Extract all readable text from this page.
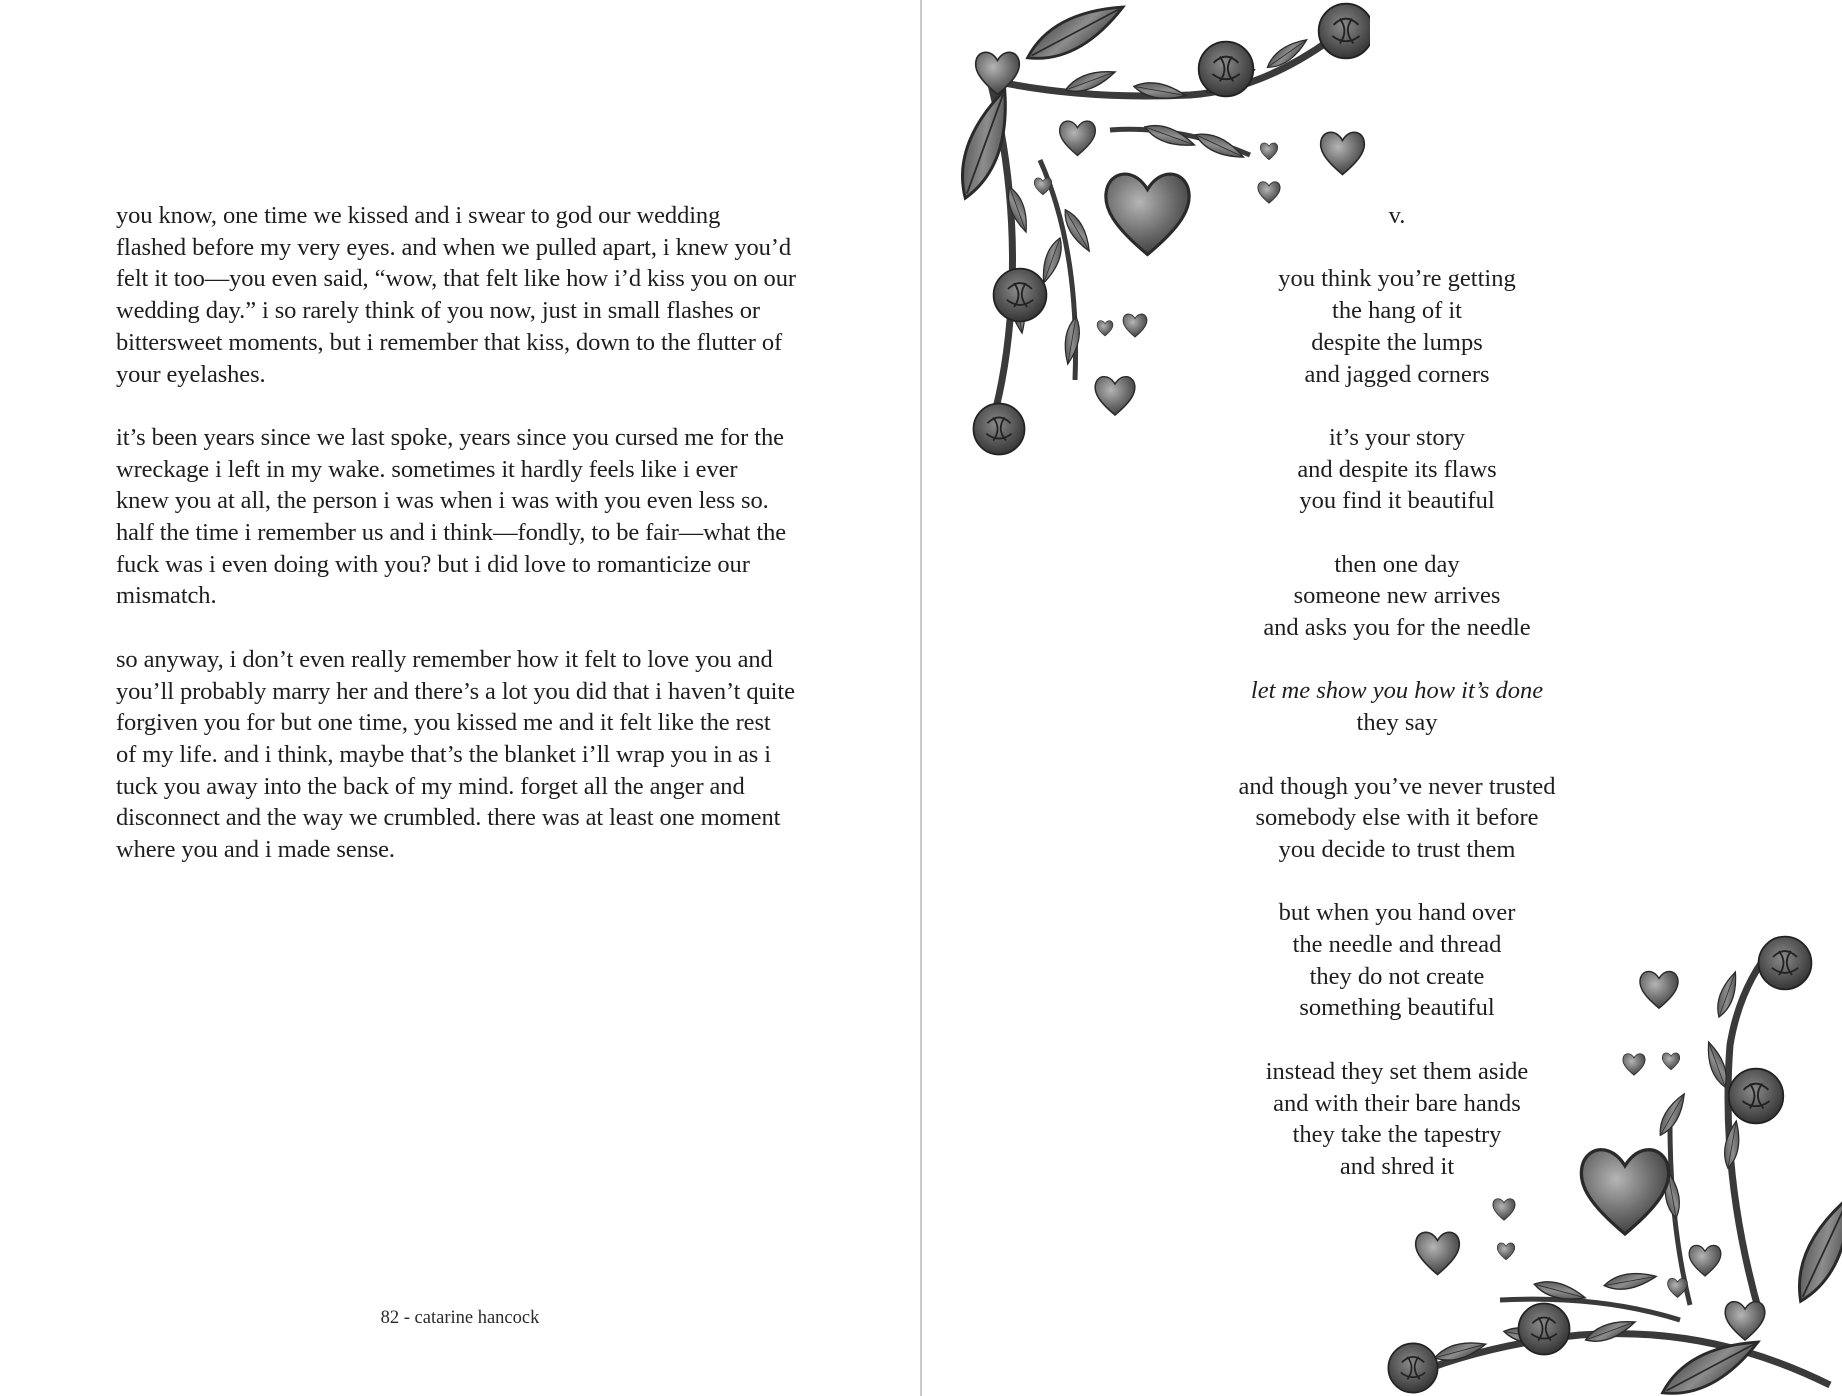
you know, one time we kissed and i swear to god our wedding flashed before my very eyes. and when we pulled apart, i knew you’d felt it too—you even said, “wow, that felt like how i’d kiss you on our wedding day.” i so rarely think of you now, just in small flashes or bittersweet moments, but i remember that kiss, down to the flutter of your eyelashes.

it’s been years since we last spoke, years since you cursed me for the wreckage i left in my wake. sometimes it hardly feels like i ever knew you at all, the person i was when i was with you even less so. half the time i remember us and i think—fondly, to be fair—what the fuck was i even doing with you? but i did love to romanticize our mismatch.

so anyway, i don’t even really remember how it felt to love you and you’ll probably marry her and there’s a lot you did that i haven’t quite forgiven you for but one time, you kissed me and it felt like the rest of my life. and i think, maybe that’s the blanket i’ll wrap you in as i tuck you away into the back of my mind. forget all the anger and disconnect and the way we crumbled. there was at least one moment where you and i made sense.

82 - catarine hancock
v.
you think you’re getting
the hang of it
despite the lumps
and jagged corners
it’s your story
and despite its flaws
you find it beautiful
then one day
someone new arrives
and asks you for the needle
let me show you how it’s done
they say
and though you’ve never trusted
somebody else with it before
you decide to trust them
but when you hand over
the needle and thread
they do not create
something beautiful
instead they set them aside
and with their bare hands
they take the tapestry
and shred it
